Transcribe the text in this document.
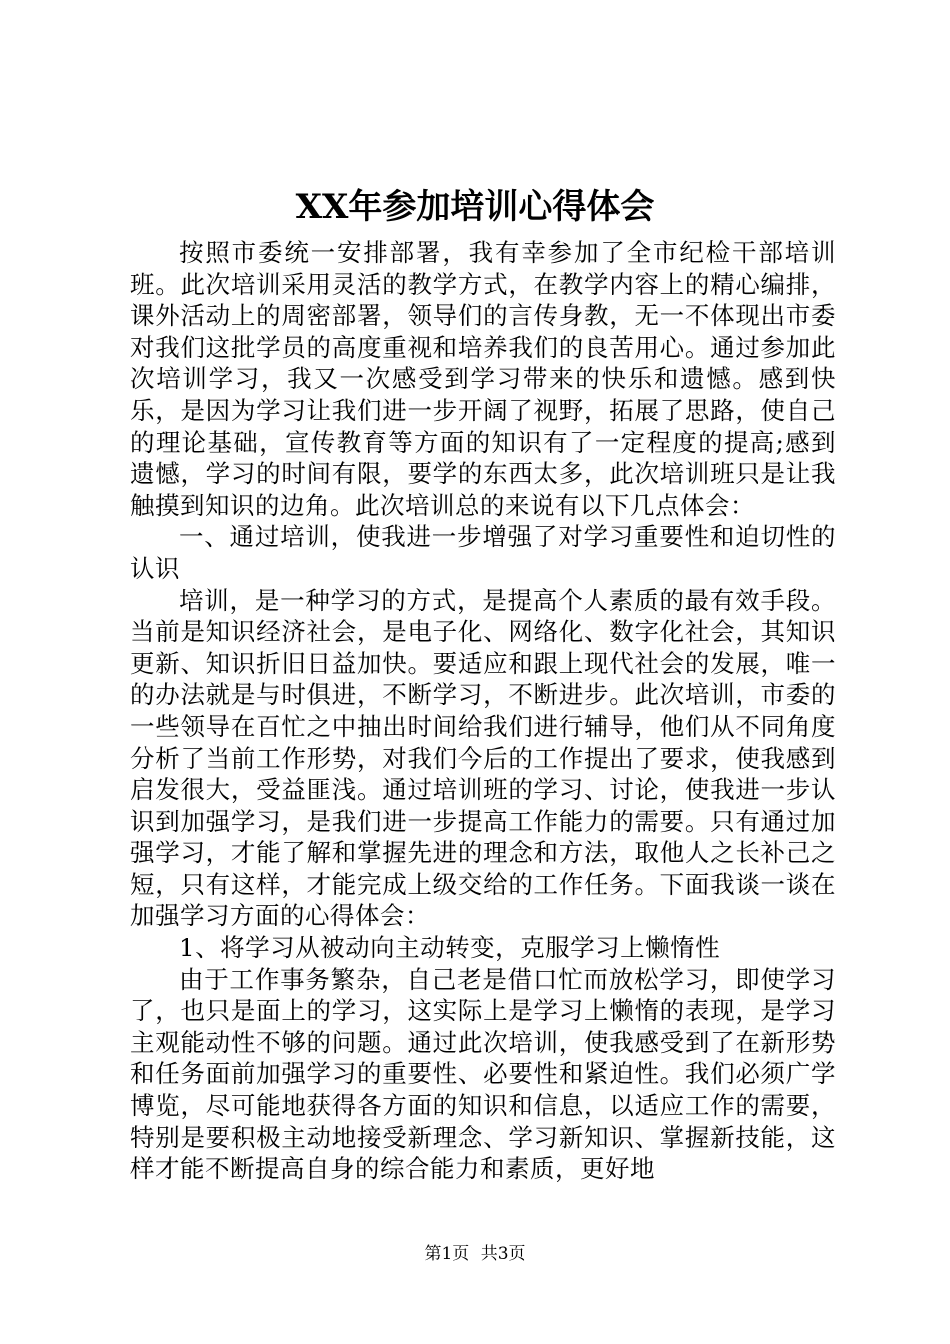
XX年参加培训心得体会

按照市委统一安排部署，我有幸参加了全市纪检干部培训班。此次培训采用灵活的教学方式，在教学内容上的精心编排，课外活动上的周密部署，领导们的言传身教，无一不体现出市委对我们这批学员的高度重视和培养我们的良苦用心。通过参加此次培训学习，我又一次感受到学习带来的快乐和遗憾。感到快乐，是因为学习让我们进一步开阔了视野，拓展了思路，使自己的理论基础，宣传教育等方面的知识有了一定程度的提高;感到遗憾，学习的时间有限，要学的东西太多，此次培训班只是让我触摸到知识的边角。此次培训总的来说有以下几点体会：

一、通过培训，使我进一步增强了对学习重要性和迫切性的认识

培训，是一种学习的方式，是提高个人素质的最有效手段。当前是知识经济社会，是电子化、网络化、数字化社会，其知识更新、知识折旧日益加快。要适应和跟上现代社会的发展，唯一的办法就是与时俱进，不断学习，不断进步。此次培训，市委的一些领导在百忙之中抽出时间给我们进行辅导，他们从不同角度分析了当前工作形势，对我们今后的工作提出了要求，使我感到启发很大，受益匪浅。通过培训班的学习、讨论，使我进一步认识到加强学习，是我们进一步提高工作能力的需要。只有通过加强学习，才能了解和掌握先进的理念和方法，取他人之长补己之短，只有这样，才能完成上级交给的工作任务。下面我谈一谈在加强学习方面的心得体会：

1、将学习从被动向主动转变，克服学习上懒惰性

由于工作事务繁杂，自己老是借口忙而放松学习，即使学习了，也只是面上的学习，这实际上是学习上懒惰的表现，是学习主观能动性不够的问题。通过此次培训，使我感受到了在新形势和任务面前加强学习的重要性、必要性和紧迫性。我们必须广学博览，尽可能地获得各方面的知识和信息，以适应工作的需要，特别是要积极主动地接受新理念、学习新知识、掌握新技能，这样才能不断提高自身的综合能力和素质，更好地

第1页 共3页
